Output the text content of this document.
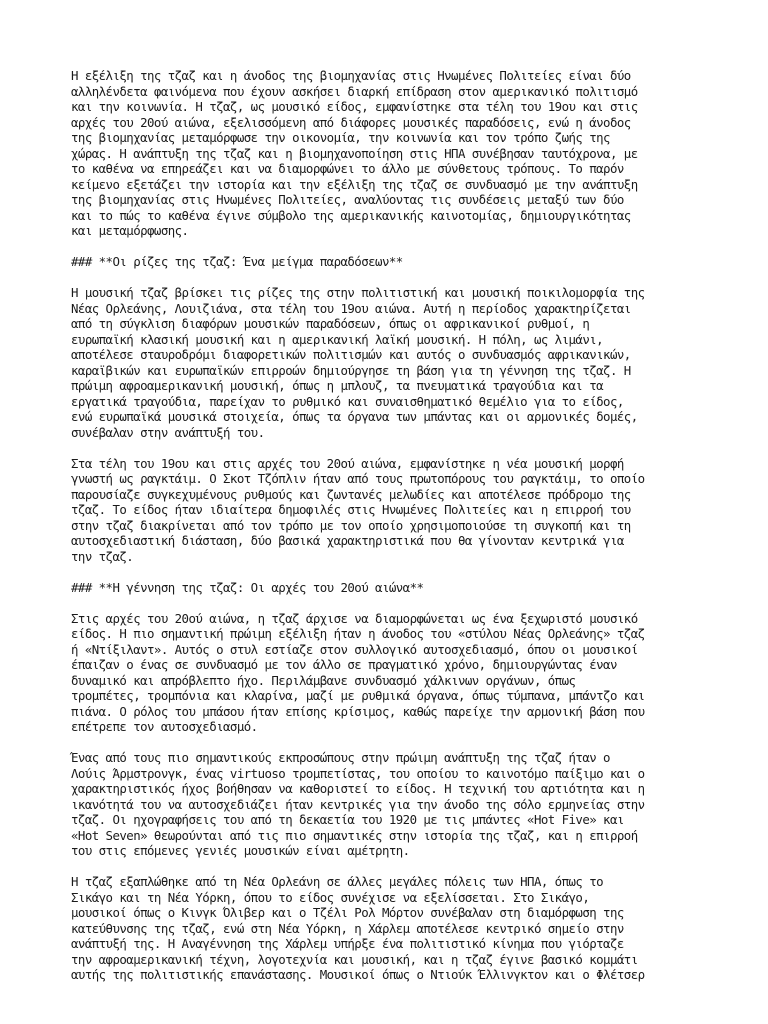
Η εξέλιξη της τζαζ και η άνοδος της βιομηχανίας στις Ηνωμένες Πολιτείες είναι δύο
αλληλένδετα φαινόμενα που έχουν ασκήσει διαρκή επίδραση στον αμερικανικό πολιτισμό
και την κοινωνία. Η τζαζ, ως μουσικό είδος, εμφανίστηκε στα τέλη του 19ου και στις
αρχές του 20ού αιώνα, εξελισσόμενη από διάφορες μουσικές παραδόσεις, ενώ η άνοδος
της βιομηχανίας μεταμόρφωσε την οικονομία, την κοινωνία και τον τρόπο ζωής της
χώρας. Η ανάπτυξη της τζαζ και η βιομηχανοποίηση στις ΗΠΑ συνέβησαν ταυτόχρονα, με
το καθένα να επηρεάζει και να διαμορφώνει το άλλο με σύνθετους τρόπους. Το παρόν
κείμενο εξετάζει την ιστορία και την εξέλιξη της τζαζ σε συνδυασμό με την ανάπτυξη
της βιομηχανίας στις Ηνωμένες Πολιτείες, αναλύοντας τις συνδέσεις μεταξύ των δύο
και το πώς το καθένα έγινε σύμβολο της αμερικανικής καινοτομίας, δημιουργικότητας
και μεταμόρφωσης.
### **Οι ρίζες της τζαζ: Ένα μείγμα παραδόσεων**
Η μουσική τζαζ βρίσκει τις ρίζες της στην πολιτιστική και μουσική ποικιλομορφία της
Νέας Ορλεάνης, Λουιζιάνα, στα τέλη του 19ου αιώνα. Αυτή η περίοδος χαρακτηρίζεται
από τη σύγκλιση διαφόρων μουσικών παραδόσεων, όπως οι αφρικανικοί ρυθμοί, η
ευρωπαϊκή κλασική μουσική και η αμερικανική λαϊκή μουσική. Η πόλη, ως λιμάνι,
αποτέλεσε σταυροδρόμι διαφορετικών πολιτισμών και αυτός ο συνδυασμός αφρικανικών,
καραϊβικών και ευρωπαϊκών επιρροών δημιούργησε τη βάση για τη γέννηση της τζαζ. Η
πρώιμη αφροαμερικανική μουσική, όπως η μπλουζ, τα πνευματικά τραγούδια και τα
εργατικά τραγούδια, παρείχαν το ρυθμικό και συναισθηματικό θεμέλιο για το είδος,
ενώ ευρωπαϊκά μουσικά στοιχεία, όπως τα όργανα των μπάντας και οι αρμονικές δομές,
συνέβαλαν στην ανάπτυξή του.
Στα τέλη του 19ου και στις αρχές του 20ού αιώνα, εμφανίστηκε η νέα μουσική μορφή
γνωστή ως ραγκτάιμ. Ο Σκοτ Τζόπλιν ήταν από τους πρωτοπόρους του ραγκτάιμ, το οποίο
παρουσίαζε συγκεχυμένους ρυθμούς και ζωντανές μελωδίες και αποτέλεσε πρόδρομο της
τζαζ. Το είδος ήταν ιδιαίτερα δημοφιλές στις Ηνωμένες Πολιτείες και η επιρροή του
στην τζαζ διακρίνεται από τον τρόπο με τον οποίο χρησιμοποιούσε τη συγκοπή και τη
αυτοσχεδιαστική διάσταση, δύο βασικά χαρακτηριστικά που θα γίνονταν κεντρικά για
την τζαζ.
### **Η γέννηση της τζαζ: Οι αρχές του 20ού αιώνα**
Στις αρχές του 20ού αιώνα, η τζαζ άρχισε να διαμορφώνεται ως ένα ξεχωριστό μουσικό
είδος. Η πιο σημαντική πρώιμη εξέλιξη ήταν η άνοδος του «στύλου Νέας Ορλεάνης» τζαζ
ή «Ντίξιλαντ». Αυτός ο στυλ εστίαζε στον συλλογικό αυτοσχεδιασμό, όπου οι μουσικοί
έπαιζαν ο ένας σε συνδυασμό με τον άλλο σε πραγματικό χρόνο, δημιουργώντας έναν
δυναμικό και απρόβλεπτο ήχο. Περιλάμβανε συνδυασμό χάλκινων οργάνων, όπως
τρομπέτες, τρομπόνια και κλαρίνα, μαζί με ρυθμικά όργανα, όπως τύμπανα, μπάντζο και
πιάνα. Ο ρόλος του μπάσου ήταν επίσης κρίσιμος, καθώς παρείχε την αρμονική βάση που
επέτρεπε τον αυτοσχεδιασμό.
Ένας από τους πιο σημαντικούς εκπροσώπους στην πρώιμη ανάπτυξη της τζαζ ήταν ο
Λούις Άρμστρονγκ, ένας virtuoso τρομπετίστας, του οποίου το καινοτόμο παίξιμο και ο
χαρακτηριστικός ήχος βοήθησαν να καθοριστεί το είδος. Η τεχνική του αρτιότητα και η
ικανότητά του να αυτοσχεδιάζει ήταν κεντρικές για την άνοδο της σόλο ερμηνείας στην
τζαζ. Οι ηχογραφήσεις του από τη δεκαετία του 1920 με τις μπάντες «Hot Five» και
«Hot Seven» θεωρούνται από τις πιο σημαντικές στην ιστορία της τζαζ, και η επιρροή
του στις επόμενες γενιές μουσικών είναι αμέτρητη.
Η τζαζ εξαπλώθηκε από τη Νέα Ορλεάνη σε άλλες μεγάλες πόλεις των ΗΠΑ, όπως το
Σικάγο και τη Νέα Υόρκη, όπου το είδος συνέχισε να εξελίσσεται. Στο Σικάγο,
μουσικοί όπως ο Κινγκ Όλιβερ και ο Τζέλι Ρολ Μόρτον συνέβαλαν στη διαμόρφωση της
κατεύθυνσης της τζαζ, ενώ στη Νέα Υόρκη, η Χάρλεμ αποτέλεσε κεντρικό σημείο στην
ανάπτυξή της. Η Αναγέννηση της Χάρλεμ υπήρξε ένα πολιτιστικό κίνημα που γιόρταζε
την αφροαμερικανική τέχνη, λογοτεχνία και μουσική, και η τζαζ έγινε βασικό κομμάτι
αυτής της πολιτιστικής επανάστασης. Μουσικοί όπως ο Ντιούκ Έλλινγκτον και ο Φλέτσερ
